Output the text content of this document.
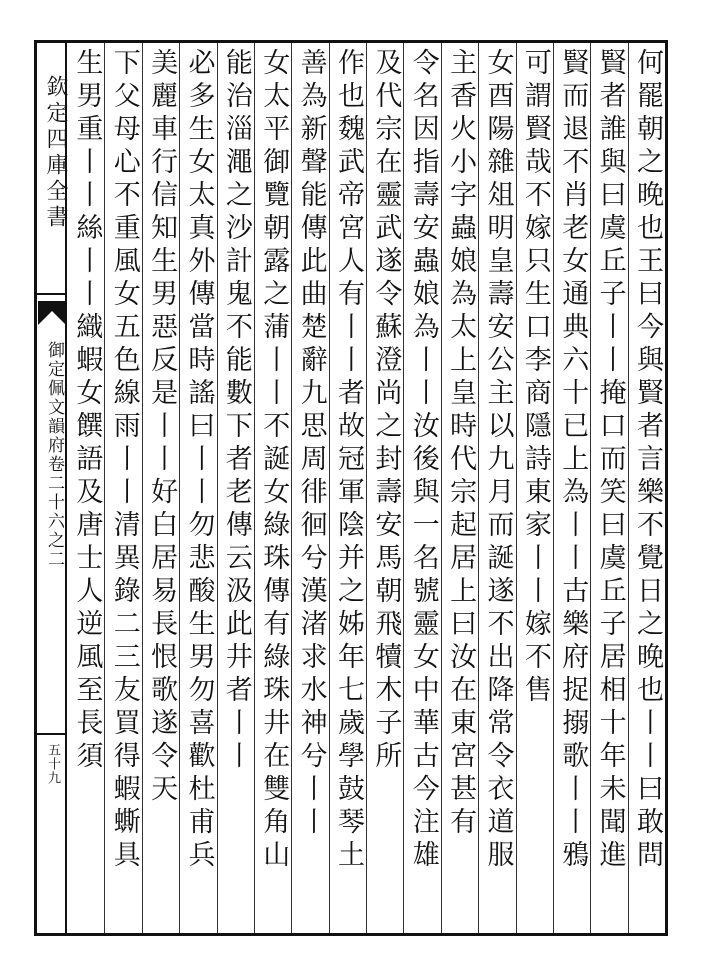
欽定四庫全書
御定佩文韻府卷二十六之二
五十九	何罷朝之晚也王曰今與賢者言樂不覺日之晚也丨丨曰敢問
賢者誰與曰虞丘子丨丨掩口而笑曰虞丘子居相十年未聞進
賢而退不肖老女通典六十已上為丨丨古樂府捉搦歌丨丨鴉
可謂賢哉不嫁只生口李商隱詩東家丨丨嫁不售
女酉陽雜俎明皇壽安公主以九月而誕遂不出降常令衣道服
主香火小字蟲娘為太上皇時代宗起居上曰汝在東宮甚有
令名因指壽安蟲娘為丨丨汝後與一名號靈女中華古今注雄
及代宗在靈武遂令蘇澄尚之封壽安馬朝飛犢木子所
作也魏武帝宮人有丨丨者故冠軍陰并之姊年七歲學鼓琴土
善為新聲能傳此曲楚辭九思周徘徊兮漢渚求水神兮丨丨
女太平御覽朝露之蒲丨丨不誕女綠珠傳有綠珠井在雙角山
能治淄澠之沙計鬼不能數下者老傳云汲此井者丨丨
必多生女太真外傳當時謠曰丨丨勿悲酸生男勿喜歡杜甫兵
美麗車行信知生男惡反是丨丨好白居易長恨歌遂令天
下父母心不重風女五色線雨丨丨清異錄二三友買得蝦蟖具
生男重丨丨絲丨丨織蝦女饌語及唐士人逆風至長須
